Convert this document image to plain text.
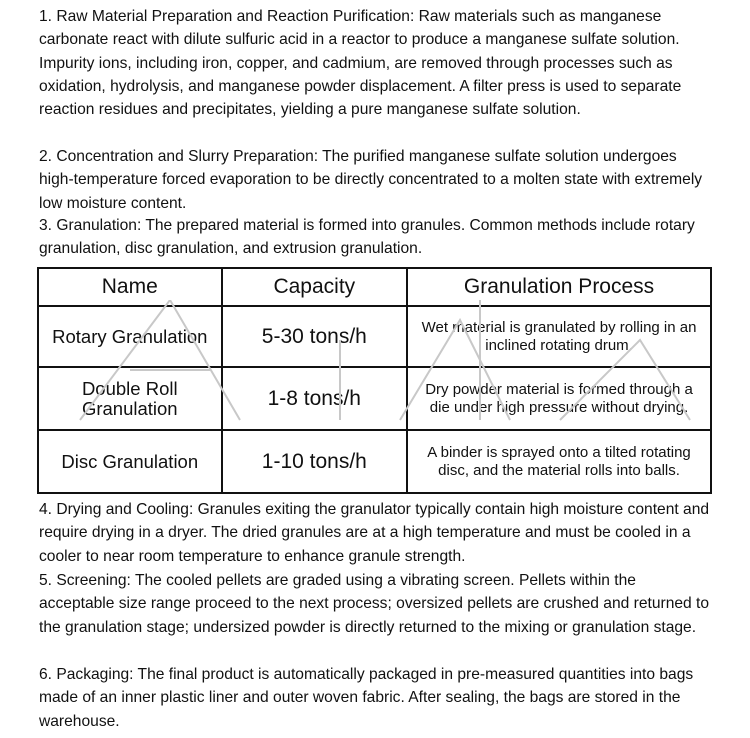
1. Raw Material Preparation and Reaction Purification: Raw materials such as manganese carbonate react with dilute sulfuric acid in a reactor to produce a manganese sulfate solution. Impurity ions, including iron, copper, and cadmium, are removed through processes such as oxidation, hydrolysis, and manganese powder displacement. A filter press is used to separate reaction residues and precipitates, yielding a pure manganese sulfate solution.

2. Concentration and Slurry Preparation: The purified manganese sulfate solution undergoes high-temperature forced evaporation to be directly concentrated to a molten state with extremely low moisture content.

3. Granulation: The prepared material is formed into granules. Common methods include rotary granulation, disc granulation, and extrusion granulation.

Name	Capacity	Granulation Process
Rotary Granulation	5-30 tons/h	Wet material is granulated by rolling in an inclined rotating drum.
Double Roll Granulation	1-8 tons/h	Dry powder material is formed through a die under high pressure without drying.
Disc Granulation	1-10 tons/h	A binder is sprayed onto a tilted rotating disc, and the material rolls into balls.

4. Drying and Cooling: Granules exiting the granulator typically contain high moisture content and require drying in a dryer. The dried granules are at a high temperature and must be cooled in a cooler to near room temperature to enhance granule strength.

5. Screening: The cooled pellets are graded using a vibrating screen. Pellets within the acceptable size range proceed to the next process; oversized pellets are crushed and returned to the granulation stage; undersized powder is directly returned to the mixing or granulation stage.

6. Packaging: The final product is automatically packaged in pre-measured quantities into bags made of an inner plastic liner and outer woven fabric. After sealing, the bags are stored in the warehouse.
